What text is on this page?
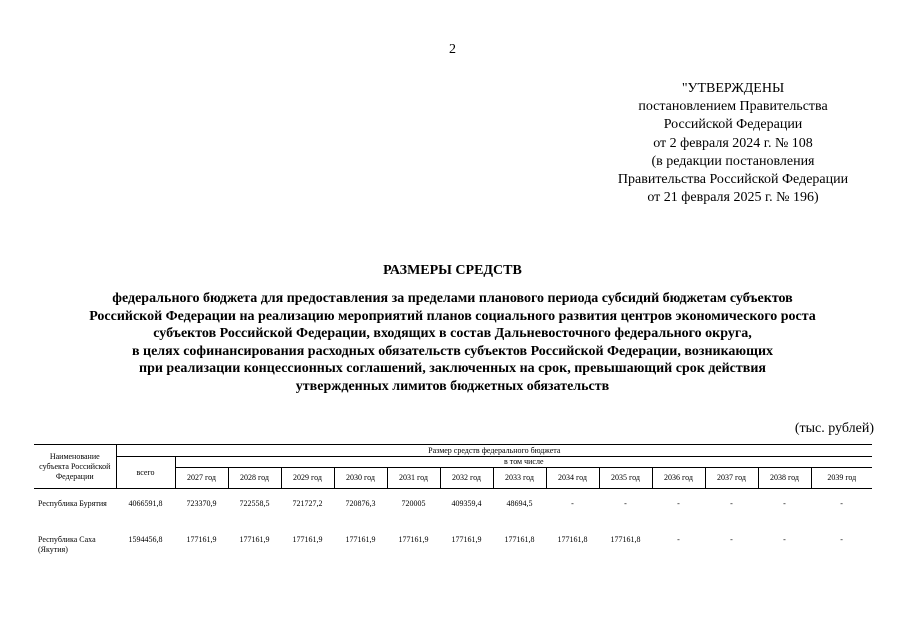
2
"УТВЕРЖДЕНЫ
постановлением Правительства
Российской Федерации
от 2 февраля 2024 г. № 108
(в редакции постановления
Правительства Российской Федерации
от 21 февраля 2025 г. № 196)
РАЗМЕРЫ СРЕДСТВ
федерального бюджета для предоставления за пределами планового периода субсидий бюджетам субъектов
Российской Федерации на реализацию мероприятий планов социального развития центров экономического роста
субъектов Российской Федерации, входящих в состав Дальневосточного федерального округа,
в целях софинансирования расходных обязательств субъектов Российской Федерации, возникающих
при реализации концессионных соглашений, заключенных на срок, превышающий срок действия
утвержденных лимитов бюджетных обязательств
(тыс. рублей)
Наименование субъекта Российской Федерации	Размер средств федерального бюджета													
	всего	в том числе												
		2027 год	2028 год	2029 год	2030 год	2031 год	2032 год	2033 год	2034 год	2035 год	2036 год	2037 год	2038 год	2039 год

Республика Бурятия	4066591,8	723370,9	722558,5	721727,2	720876,3	720005	409359,4	48694,5	-	-	-	-	-	-
Республика Саха (Якутия)	1594456,8	177161,9	177161,9	177161,9	177161,9	177161,9	177161,9	177161,8	177161,8	177161,8	-	-	-	-
